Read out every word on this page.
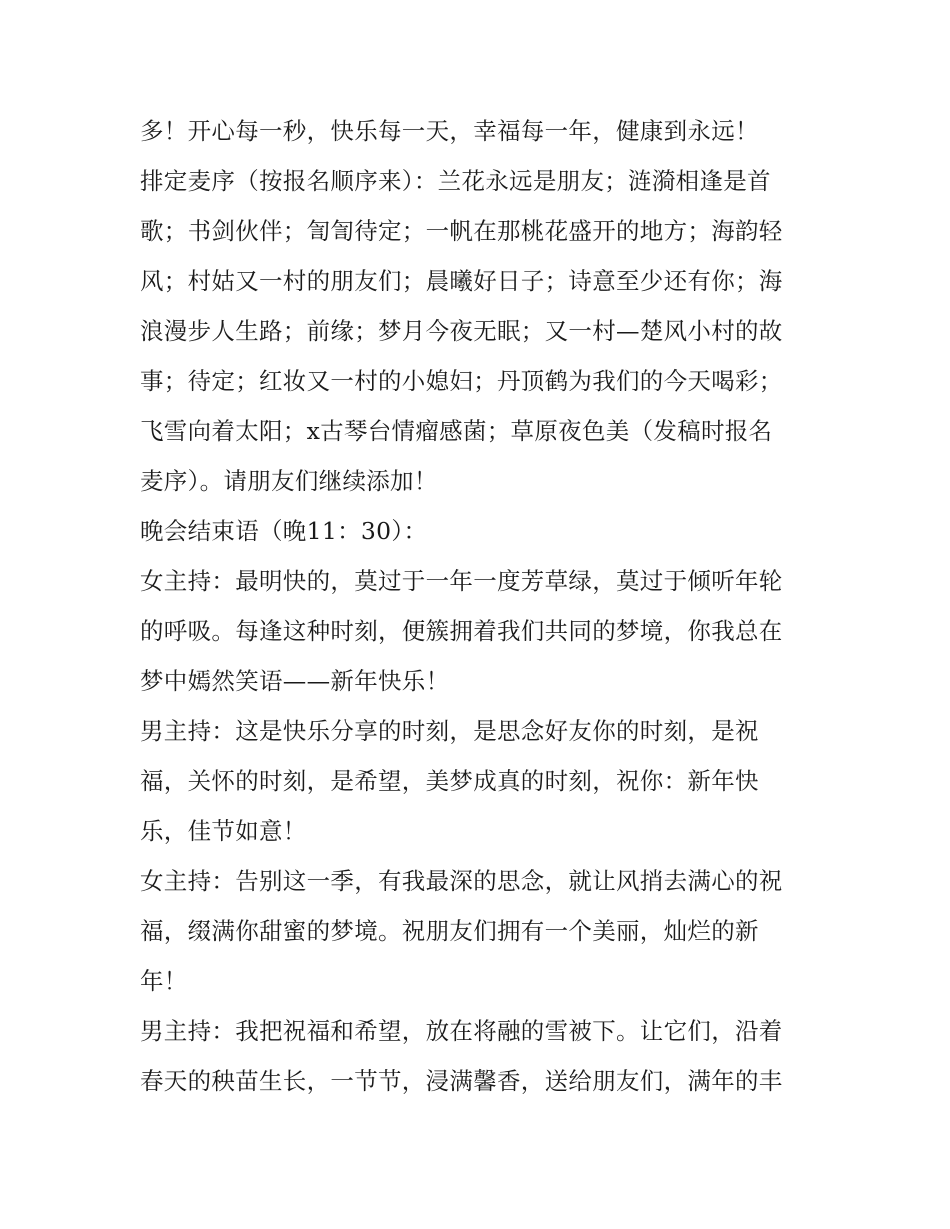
多！开心每一秒，快乐每一天，幸福每一年，健康到永远！
排定麦序（按报名顺序来）：兰花永远是朋友；涟漪相逢是首
歌；书剑伙伴；訇訇待定；一帆在那桃花盛开的地方；海韵轻
风；村姑又一村的朋友们；晨曦好日子；诗意至少还有你；海
浪漫步人生路；前缘；梦月今夜无眠；又一村—楚风小村的故
事；待定；红妆又一村的小媳妇；丹顶鹤为我们的今天喝彩；
飞雪向着太阳；x古琴台情瘤感菌；草原夜色美（发稿时报名
麦序）。请朋友们继续添加！
晚会结束语（晚11：30）：
女主持：最明快的，莫过于一年一度芳草绿，莫过于倾听年轮
的呼吸。每逢这种时刻，便簇拥着我们共同的梦境，你我总在
梦中嫣然笑语——新年快乐！
男主持：这是快乐分享的时刻，是思念好友你的时刻，是祝
福，关怀的时刻，是希望，美梦成真的时刻，祝你：新年快
乐，佳节如意！
女主持：告别这一季，有我最深的思念，就让风捎去满心的祝
福，缀满你甜蜜的梦境。祝朋友们拥有一个美丽，灿烂的新
年！
男主持：我把祝福和希望，放在将融的雪被下。让它们，沿着
春天的秧苗生长，一节节，浸满馨香，送给朋友们，满年的丰
